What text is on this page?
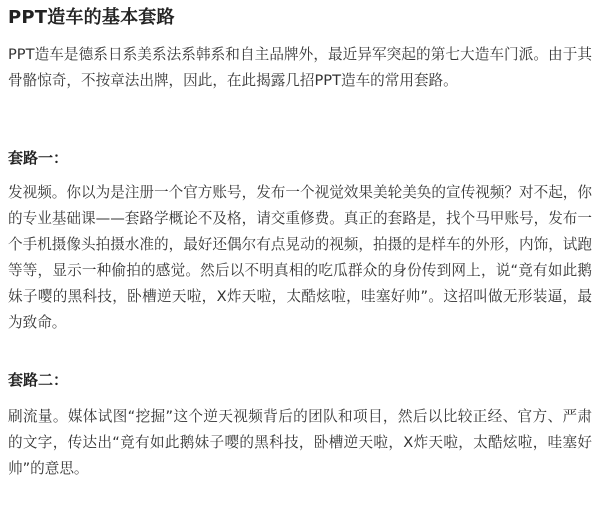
PPT造车的基本套路

PPT造车是德系日系美系法系韩系和自主品牌外，最近异军突起的第七大造车门派。由于其骨骼惊奇，不按章法出牌，因此，在此揭露几招PPT造车的常用套路。

套路一：

发视频。你以为是注册一个官方账号，发布一个视觉效果美轮美奂的宣传视频？对不起，你的专业基础课——套路学概论不及格，请交重修费。真正的套路是，找个马甲账号，发布一个手机摄像头拍摄水准的，最好还偶尔有点晃动的视频，拍摄的是样车的外形，内饰，试跑等等，显示一种偷拍的感觉。然后以不明真相的吃瓜群众的身份传到网上，说“竟有如此鹅妹子嘤的黑科技，卧槽逆天啦，X炸天啦，太酷炫啦，哇塞好帅”。这招叫做无形装逼，最为致命。

套路二：

刷流量。媒体试图“挖掘”这个逆天视频背后的团队和项目，然后以比较正经、官方、严肃的文字，传达出“竟有如此鹅妹子嘤的黑科技，卧槽逆天啦，X炸天啦，太酷炫啦，哇塞好帅”的意思。
